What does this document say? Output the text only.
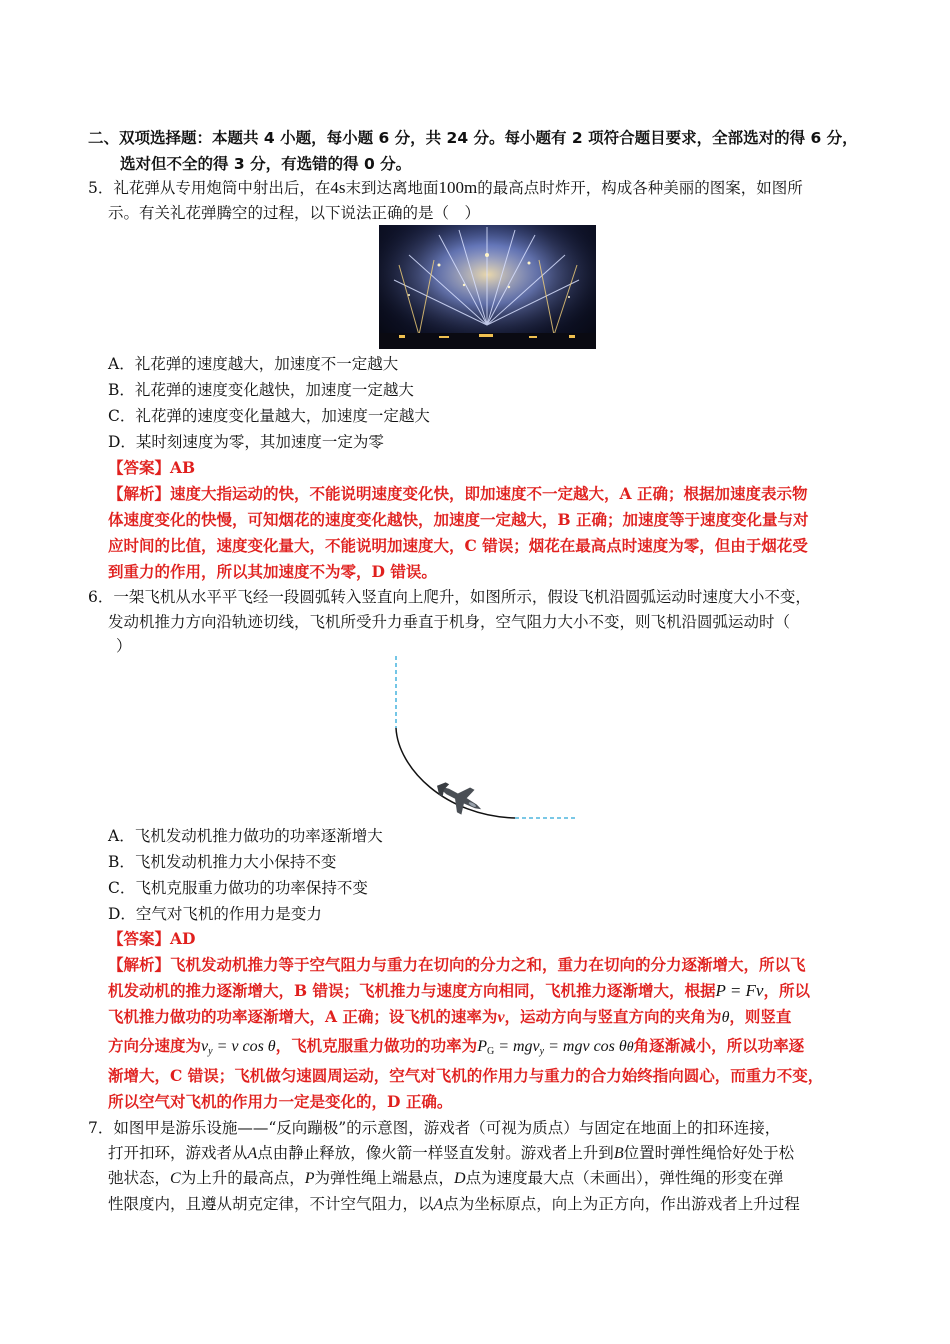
二、双项选择题：本题共 4 小题，每小题 6 分，共 24 分。每小题有 2 项符合题目要求，全部选对的得 6 分，
选对但不全的得 3 分，有选错的得 0 分。
5．礼花弹从专用炮筒中射出后，在4s末到达离地面100m的最高点时炸开，构成各种美丽的图案，如图所
示。有关礼花弹腾空的过程，以下说法正确的是（　）
A．礼花弹的速度越大，加速度不一定越大
B．礼花弹的速度变化越快，加速度一定越大
C．礼花弹的速度变化量越大，加速度一定越大
D．某时刻速度为零，其加速度一定为零
【答案】AB
【解析】速度大指运动的快，不能说明速度变化快，即加速度不一定越大，A 正确；根据加速度表示物
体速度变化的快慢，可知烟花的速度变化越快，加速度一定越大，B 正确；加速度等于速度变化量与对
应时间的比值，速度变化量大，不能说明加速度大，C 错误；烟花在最高点时速度为零，但由于烟花受
到重力的作用，所以其加速度不为零，D 错误。
6．一架飞机从水平平飞经一段圆弧转入竖直向上爬升，如图所示，假设飞机沿圆弧运动时速度大小不变，
发动机推力方向沿轨迹切线，飞机所受升力垂直于机身，空气阻力大小不变，则飞机沿圆弧运动时（
）
A．飞机发动机推力做功的功率逐渐增大
B．飞机发动机推力大小保持不变
C．飞机克服重力做功的功率保持不变
D．空气对飞机的作用力是变力
【答案】AD
【解析】飞机发动机推力等于空气阻力与重力在切向的分力之和，重力在切向的分力逐渐增大，所以飞
机发动机的推力逐渐增大，B 错误；飞机推力与速度方向相同，飞机推力逐渐增大，根据P = Fv，所以
飞机推力做功的功率逐渐增大，A 正确；设飞机的速率为v，运动方向与竖直方向的夹角为θ，则竖直
方向分速度为$v_y = v$ cos θ，飞机克服重力做功的功率为$P_G = mgv_y$ = mgv cos θθ角逐渐减小，所以功率逐
渐增大，C 错误；飞机做匀速圆周运动，空气对飞机的作用力与重力的合力始终指向圆心，而重力不变，
所以空气对飞机的作用力一定是变化的，D 正确。
7．如图甲是游乐设施——“反向蹦极”的示意图，游戏者（可视为质点）与固定在地面上的扣环连接，
打开扣环，游戏者从A点由静止释放，像火箭一样竖直发射。游戏者上升到B位置时弹性绳恰好处于松
弛状态，C为上升的最高点，P为弹性绳上端悬点，D点为速度最大点（未画出），弹性绳的形变在弹
性限度内，且遵从胡克定律，不计空气阻力，以A点为坐标原点，向上为正方向，作出游戏者上升过程
